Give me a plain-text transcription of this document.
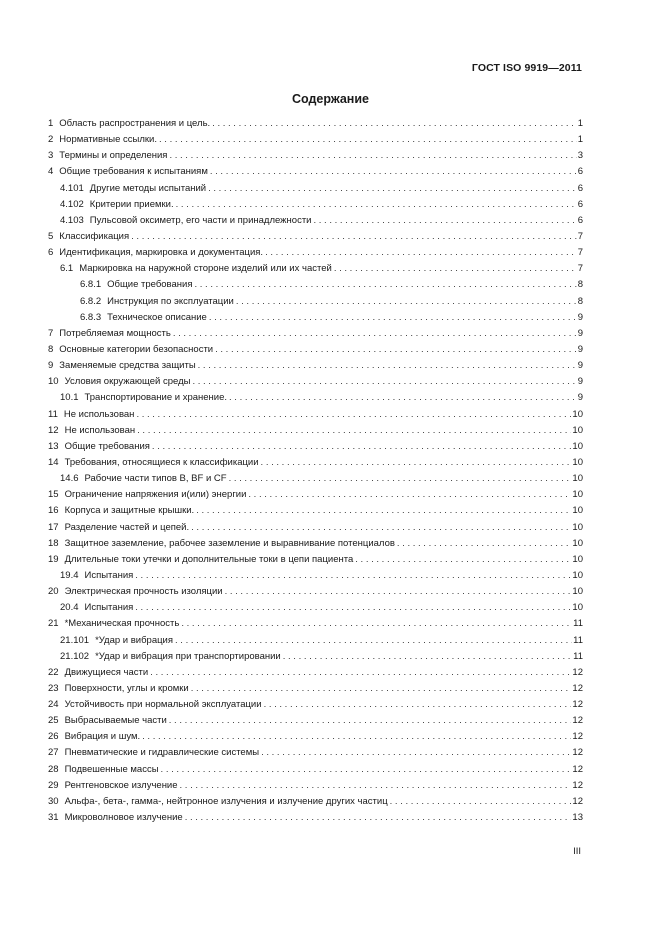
ГОСТ ISO 9919—2011
Содержание
1 Область распространения и цель. . . .	1
2 Нормативные ссылки. . . .	1
3 Термины и определения . . .	3
4 Общие требования к испытаниям . . .	6
4.101 Другие методы испытаний . . .	6
4.102 Критерии приемки. . . .	6
4.103 Пульсовой оксиметр, его части и принадлежности . . .	6
5 Классификация . . .	7
6 Идентификация, маркировка и документация. . . .	7
6.1 Маркировка на наружной стороне изделий или их частей . . .	7
6.8.1 Общие требования . . .	8
6.8.2 Инструкция по эксплуатации . . .	8
6.8.3 Техническое описание . . .	9
7 Потребляемая мощность . . .	9
8 Основные категории безопасности . . .	9
9 Заменяемые средства защиты . . .	9
10 Условия окружающей среды . . .	9
10.1 Транспортирование и хранение. . . .	9
11 Не использован . . .	10
12 Не использован . . .	10
13 Общие требования . . .	10
14 Требования, относящиеся к классификации . . .	10
14.6 Рабочие части типов B, BF и CF . . .	10
15 Ограничение напряжения и(или) энергии . . .	10
16 Корпуса и защитные крышки. . . .	10
17 Разделение частей и цепей. . . .	10
18 Защитное заземление, рабочее заземление и выравнивание потенциалов . . .	10
19 Длительные токи утечки и дополнительные токи в цепи пациента . . .	10
19.4 Испытания . . .	10
20 Электрическая прочность изоляции . . .	10
20.4 Испытания . . .	10
21 *Механическая прочность . . .	11
21.101 *Удар и вибрация . . .	11
21.102 *Удар и вибрация при транспортировании . . .	11
22 Движущиеся части . . .	12
23 Поверхности, углы и кромки . . .	12
24 Устойчивость при нормальной эксплуатации . . .	12
25 Выбрасываемые части . . .	12
26 Вибрация и шум. . . .	12
27 Пневматические и гидравлические системы . . .	12
28 Подвешенные массы . . .	12
29 Рентгеновское излучение . . .	12
30 Альфа-, бета-, гамма-, нейтронное излучения и излучение других частиц . . .	12
31 Микроволновое излучение . . .	13
III
